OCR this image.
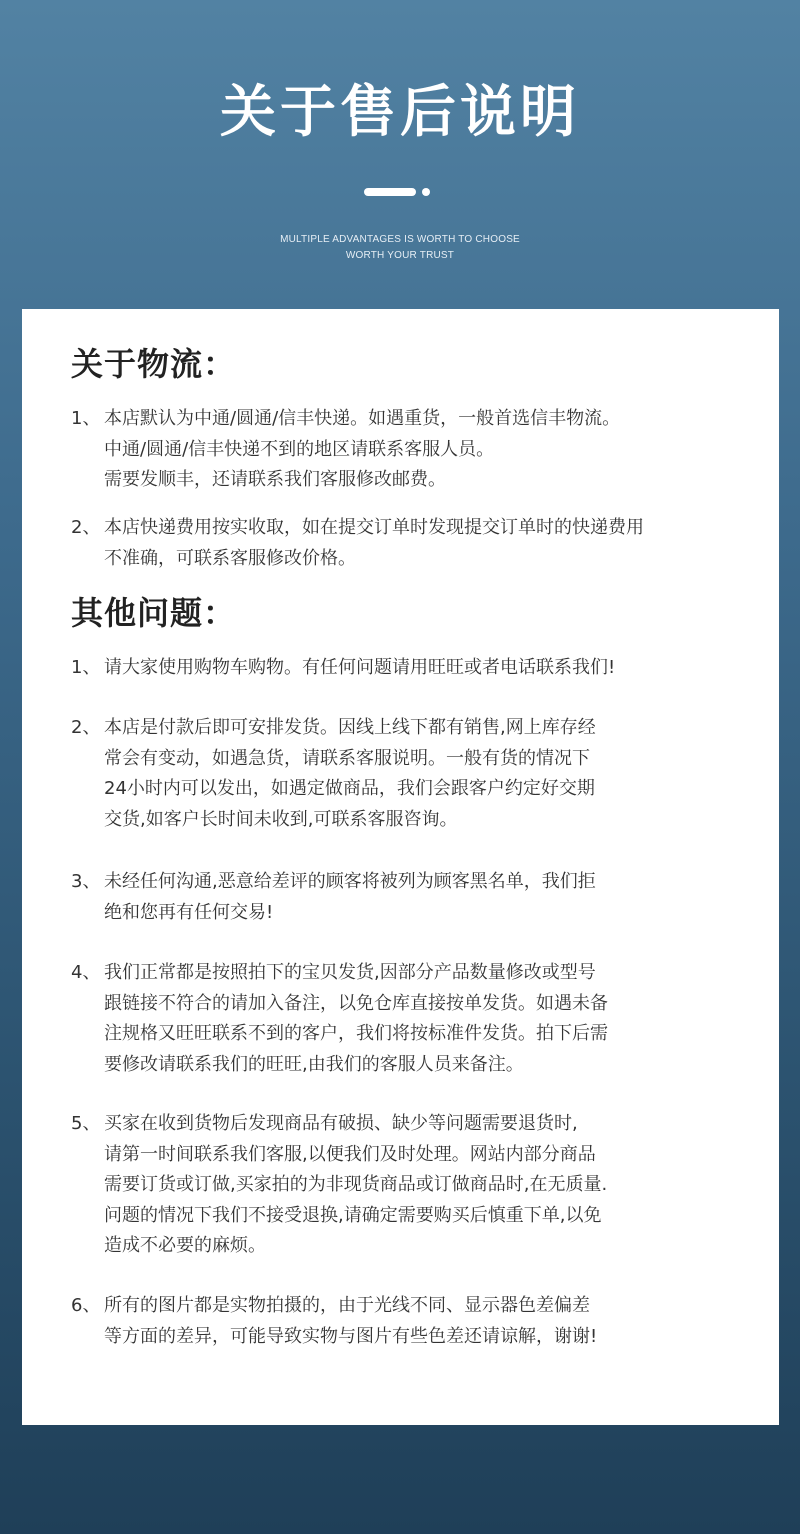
关于售后说明
MULTIPLE ADVANTAGES IS WORTH TO CHOOSE
WORTH YOUR TRUST
关于物流：
1、 本店默认为中通/圆通/信丰快递。如遇重货，一般首选信丰物流。
中通/圆通/信丰快递不到的地区请联系客服人员。
需要发顺丰，还请联系我们客服修改邮费。
2、 本店快递费用按实收取，如在提交订单时发现提交订单时的快递费用
不准确，可联系客服修改价格。
其他问题：
1、 请大家使用购物车购物。有任何问题请用旺旺或者电话联系我们!
2、 本店是付款后即可安排发货。因线上线下都有销售,网上库存经
常会有变动，如遇急货，请联系客服说明。一般有货的情况下
24小时内可以发出，如遇定做商品，我们会跟客户约定好交期
交货,如客户长时间未收到,可联系客服咨询。
3、 未经任何沟通,恶意给差评的顾客将被列为顾客黑名单，我们拒
绝和您再有任何交易!
4、 我们正常都是按照拍下的宝贝发货,因部分产品数量修改或型号
跟链接不符合的请加入备注，以免仓库直接按单发货。如遇未备
注规格又旺旺联系不到的客户，我们将按标准件发货。拍下后需
要修改请联系我们的旺旺,由我们的客服人员来备注。
5、 买家在收到货物后发现商品有破损、缺少等问题需要退货时,
请第一时间联系我们客服,以便我们及时处理。网站内部分商品
需要订货或订做,买家拍的为非现货商品或订做商品时,在无质量.
问题的情况下我们不接受退换,请确定需要购买后慎重下单,以免
造成不必要的麻烦。
6、 所有的图片都是实物拍摄的，由于光线不同、显示器色差偏差
等方面的差异，可能导致实物与图片有些色差还请谅解，谢谢!
